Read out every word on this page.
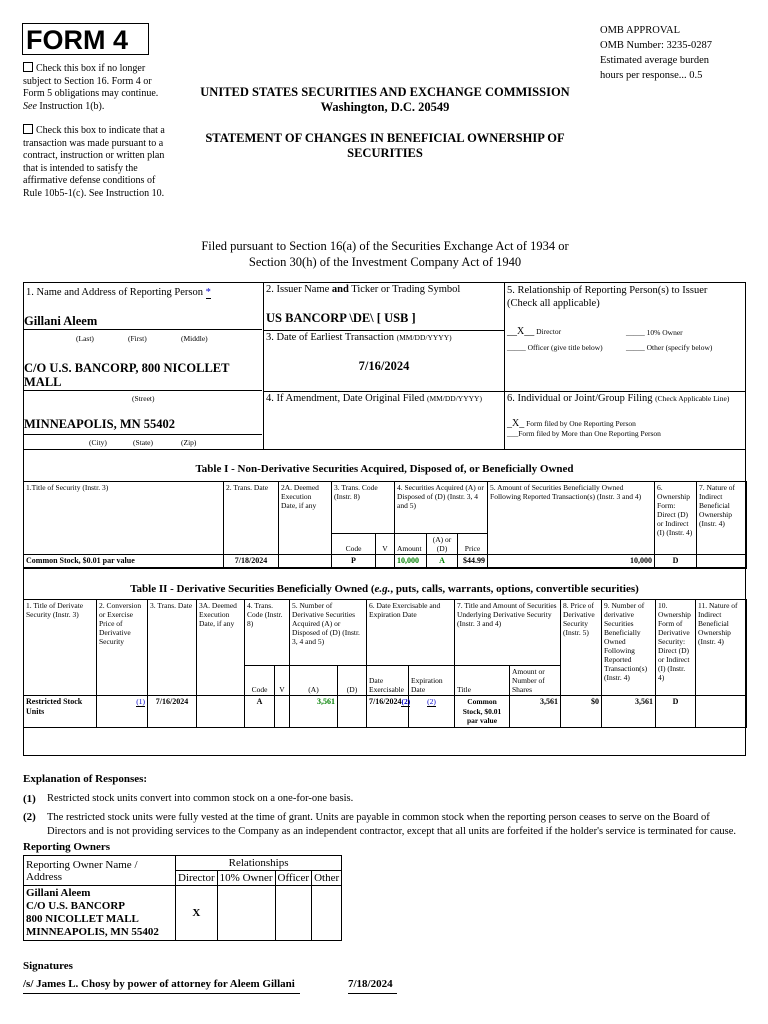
FORM 4
Check this box if no longer subject to Section 16. Form 4 or Form 5 obligations may continue. See Instruction 1(b).
Check this box to indicate that a transaction was made pursuant to a contract, instruction or written plan that is intended to satisfy the affirmative defense conditions of Rule 10b5-1(c). See Instruction 10.
OMB APPROVAL
OMB Number: 3235-0287
Estimated average burden
hours per response... 0.5
UNITED STATES SECURITIES AND EXCHANGE COMMISSION
Washington, D.C. 20549
STATEMENT OF CHANGES IN BENEFICIAL OWNERSHIP OF
SECURITIES
Filed pursuant to Section 16(a) of the Securities Exchange Act of 1934 or
Section 30(h) of the Investment Company Act of 1940
1. Name and Address of Reporting Person *
Gillani Aleem
(Last)	(First)	(Middle)
C/O U.S. BANCORP, 800 NICOLLET
MALL
(Street)
MINNEAPOLIS, MN 55402
(City)	(State)	(Zip)
2. Issuer Name and Ticker or Trading Symbol
US BANCORP \DE\ [ USB ]
3. Date of Earliest Transaction (MM/DD/YYYY)
7/16/2024
4. If Amendment, Date Original Filed (MM/DD/YYYY)
5. Relationship of Reporting Person(s) to Issuer
(Check all applicable)
__X__ Director	_____ 10% Owner
_____ Officer (give title below)	_____ Other (specify below)
6. Individual or Joint/Group Filing (Check Applicable Line)
_X_ Form filed by One Reporting Person
___Form filed by More than One Reporting Person
Table I - Non-Derivative Securities Acquired, Disposed of, or Beneficially Owned
1.Title of Security (Instr. 3)	2. Trans. Date	2A. Deemed Execution Date, if any	3. Trans. Code (Instr. 8)		4. Securities Acquired (A) or Disposed of (D) (Instr. 3, 4 and 5)			5. Amount of Securities Beneficially Owned Following Reported Transaction(s) (Instr. 3 and 4)	6. Ownership Form: Direct (D) or Indirect (I) (Instr. 4)	7. Nature of Indirect Beneficial Ownership (Instr. 4)
			Code	V	Amount	(A) or (D)	Price			
Common Stock, $0.01 par value	7/18/2024		P		10,000	A	$44.99	10,000	D	
Table II - Derivative Securities Beneficially Owned (e.g., puts, calls, warrants, options, convertible securities)
1. Title of Derivate Security (Instr. 3)	2. Conversion or Exercise Price of Derivative Security	3. Trans. Date	3A. Deemed Execution Date, if any	4. Trans. Code (Instr. 8)		5. Number of Derivative Securities Acquired (A) or Disposed of (D) (Instr. 3, 4 and 5)		6. Date Exercisable and Expiration Date		7. Title and Amount of Securities Underlying Derivative Security (Instr. 3 and 4)		8. Price of Derivative Security (Instr. 5)	9. Number of derivative Securities Beneficially Owned Following Reported Transaction(s) (Instr. 4)	10. Ownership Form of Derivative Security: Direct (D) or Indirect (I) (Instr. 4)	11. Nature of Indirect Beneficial Ownership (Instr. 4)
				Code	V	(A)	(D)	Date Exercisable	Expiration Date	Title	Amount or Number of Shares				
Restricted Stock Units	(1)	7/16/2024		A		3,561		7/16/2024(2)	(2)	Common Stock, $0.01 par value	3,561	$0	3,561	D	
Explanation of Responses:
(1) Restricted stock units convert into common stock on a one-for-one basis.
(2) The restricted stock units were fully vested at the time of grant. Units are payable in common stock when the reporting person ceases to serve on the Board of Directors and is not providing services to the Company as an independent contractor, except that all units are forfeited if the holder's service is terminated for cause.
Reporting Owners
Reporting Owner Name / Address	Relationships			
	Director	10% Owner	Officer	Other

Gillani Aleem
C/O U.S. BANCORP
800 NICOLLET MALL
MINNEAPOLIS, MN 55402	X			
Signatures
/s/ James L. Chosy by power of attorney for Aleem Gillani	7/18/2024
